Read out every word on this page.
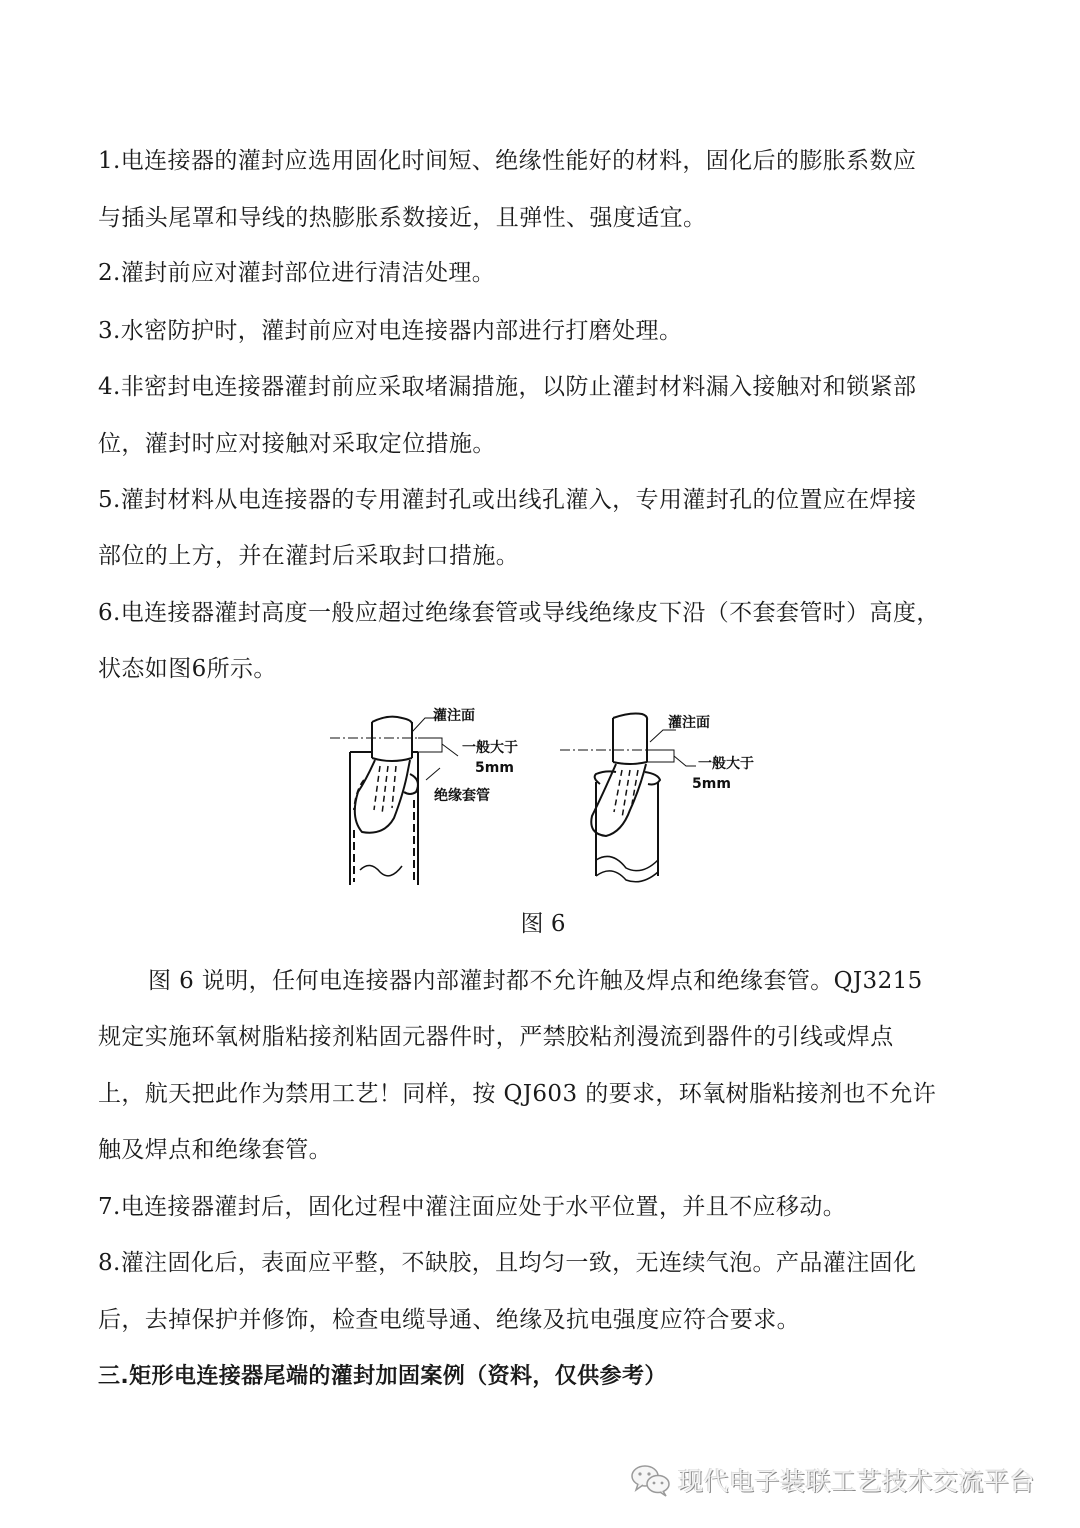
1.电连接器的灌封应选用固化时间短、绝缘性能好的材料，固化后的膨胀系数应
与插头尾罩和导线的热膨胀系数接近，且弹性、强度适宜。
2.灌封前应对灌封部位进行清洁处理。
3.水密防护时，灌封前应对电连接器内部进行打磨处理。
4.非密封电连接器灌封前应采取堵漏措施，以防止灌封材料漏入接触对和锁紧部
位，灌封时应对接触对采取定位措施。
5.灌封材料从电连接器的专用灌封孔或出线孔灌入，专用灌封孔的位置应在焊接
部位的上方，并在灌封后采取封口措施。
6.电连接器灌封高度一般应超过绝缘套管或导线绝缘皮下沿（不套套管时）高度，
状态如图6所示。
图 6
图 6 说明，任何电连接器内部灌封都不允许触及焊点和绝缘套管。QJ3215
规定实施环氧树脂粘接剂粘固元器件时，严禁胶粘剂漫流到器件的引线或焊点
上，航天把此作为禁用工艺！同样，按 QJ603 的要求，环氧树脂粘接剂也不允许
触及焊点和绝缘套管。
7.电连接器灌封后，固化过程中灌注面应处于水平位置，并且不应移动。
8.灌注固化后，表面应平整，不缺胶，且均匀一致，无连续气泡。产品灌注固化
后，去掉保护并修饰，检查电缆导通、绝缘及抗电强度应符合要求。
三.矩形电连接器尾端的灌封加固案例（资料，仅供参考）
灌注面
一般大于
5mm
绝缘套管
灌注面
一般大于
5mm
现代电子装联工艺技术交流平台
